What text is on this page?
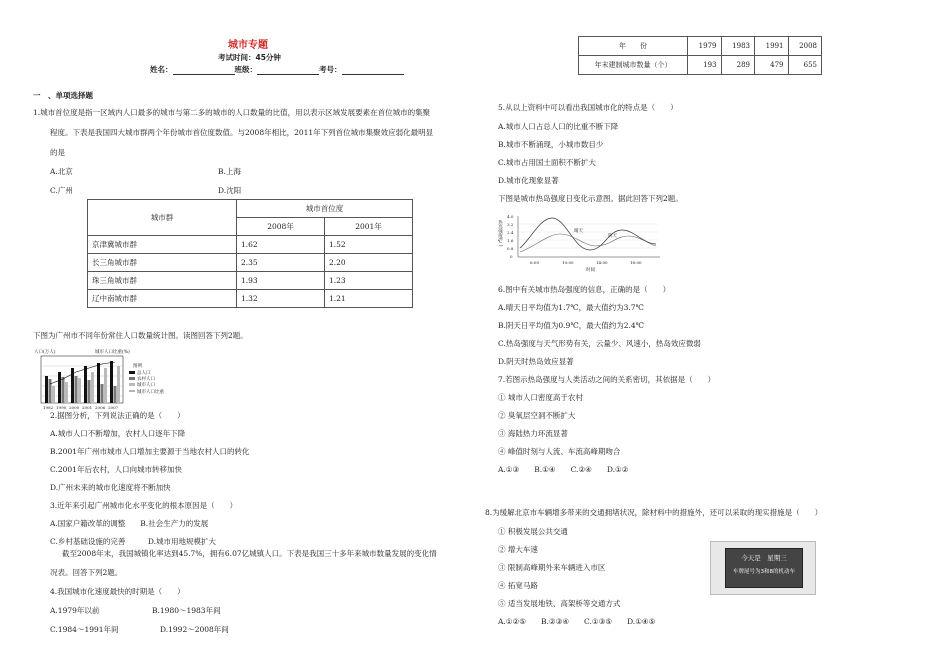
城市专题
考试时间：45分钟
姓名：	班级：	考号：
一　、单项选择题
1.城市首位度是指一区域内人口最多的城市与第二多的城市的人口数量的比值，用以表示区域发展要素在首位城市的集聚
程度。下表是我国四大城市群两个年份城市首位度数值。与2008年相比，2011年下列首位城市集聚效应弱化最明显
的是
A.北京	B.上海
C.广州	D.沈阳
城市群	城市首位度	
	2008年	2001年
京津冀城市群	1.62	1.52
长三角城市群	2.35	2.20
珠三角城市群	1.93	1.23
辽中南城市群	1.32	1.21
下图为广州市不同年份常住人口数量统计图。读图回答下列2题。
人口(万人)	城市人口比重(%)
1982 1990 2000 2001 2006 2007
图例
总人口
农村人口
城市人口
城市人口比重
2.据图分析，下列说法正确的是（　　）
A.城市人口不断增加，农村人口逐年下降
B.2001年广州市城市人口增加主要源于当地农村人口的转化
C.2001年后农村，人口向城市转移加快
D.广州未来的城市化速度将不断加快
3.近年来引起广州城市化水平变化的根本原因是（　　）
A.国家户籍改革的调整　　B.社会生产力的发展
C.乡村基础设施的完善　　　D.城市用地规模扩大
截至2008年末，我国城镇化率达到45.7%，拥有6.07亿城镇人口。下表是我国三十多年来城市数量发展的变化情
况表。回答下列2题。
4.我国城市化速度最快的时期是（　　）
A.1979年以前	B.1980～1983年间
C.1984～1991年间	D.1992～2008年间
年　　份	1979	1983	1991	2008
年末建制城市数量（个）	193	289	479	655
5.从以上资料中可以看出我国城市化的特点是（　　）
A.城市人口占总人口的比重不断下降
B.城市不断涌现，小城市数目少
C.城市占用国土面积不断扩大
D.城市化现象显著
下图是城市热岛强度日变化示意图。据此回答下列2题。
热岛强度(℃)
4.0
3.2
2.4
1.6
0.8
0
晴天
阴天
6:00	10:00	14:00	18:00
时间
6.图中有关城市热岛强度的信息，正确的是（　　）
A.晴天日平均值为1.7℃，最大值约为3.7℃
B.阴天日平均值为0.9℃，最大值约为2.4℃
C.热岛强度与天气形势有关，云量少、风速小，热岛效应微弱
D.阴天时热岛效应显著
7.若图示热岛强度与人类活动之间的关系密切，其依据是（　　）
① 城市人口密度高于农村
② 臭氧层空洞不断扩大
③ 海陆热力环流显著
④ 峰值时刻与人流、车流高峰期吻合
A.①③　　B.①④　　C.②④　　D.①②
8.为缓解北京市车辆增多带来的交通拥堵状况，除材料中的措施外，还可以采取的现实措施是（　　）
① 积极发展公共交通
② 增大车速
③ 限制高峰期外来车辆进入市区
④ 拓宽马路
⑤ 适当发展地铁、高架桥等交通方式
A.①②⑤　　B.②③④　　C.①③⑤　　D.①④⑤
今天是　星期三
车牌尾号为3和8的机动车
